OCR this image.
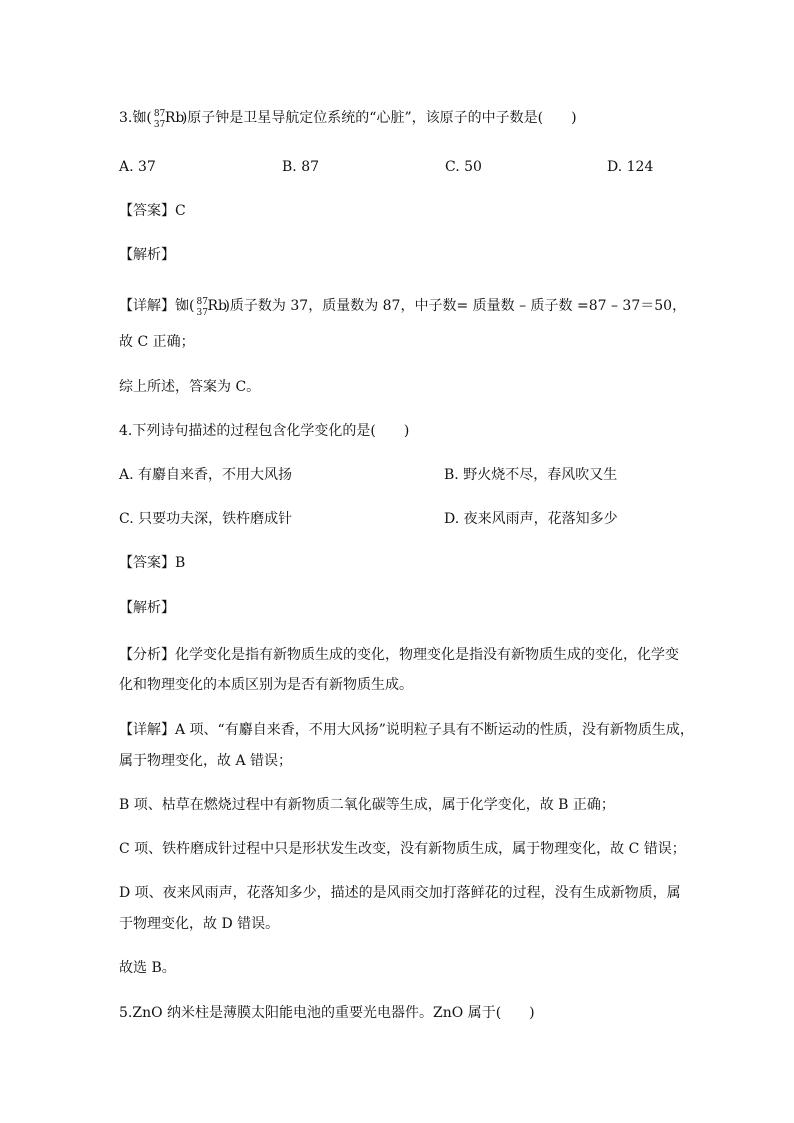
3.铷( 87
37 Rb
)原子钟是卫星导航定位系统的“心脏”，该原子的中子数是(　　)
A. 37	B. 87	C. 50	D. 124
【答案】C
【解析】
【详解】铷( 87
37 Rb
)质子数为 37，质量数为 87，中子数= 质量数 – 质子数 =87 – 37＝50，
故 C 正确；
综上所述，答案为 C。
4.下列诗句描述的过程包含化学变化的是(　　)
A. 有麝自来香，不用大风扬	B. 野火烧不尽，春风吹又生
C. 只要功夫深，铁杵磨成针	D. 夜来风雨声，花落知多少
【答案】B
【解析】
【分析】化学变化是指有新物质生成的变化，物理变化是指没有新物质生成的变化，化学变
化和物理变化的本质区别为是否有新物质生成。
【详解】A 项、“有麝自来香，不用大风扬”说明粒子具有不断运动的性质，没有新物质生成，
属于物理变化，故 A 错误；
B 项、枯草在燃烧过程中有新物质二氧化碳等生成，属于化学变化，故 B 正确；
C 项、铁杵磨成针过程中只是形状发生改变，没有新物质生成，属于物理变化，故 C 错误；
D 项、夜来风雨声，花落知多少，描述的是风雨交加打落鲜花的过程，没有生成新物质，属
于物理变化，故 D 错误。
故选 B。
5.ZnO 纳米柱是薄膜太阳能电池的重要光电器件。ZnO 属于(　　)
